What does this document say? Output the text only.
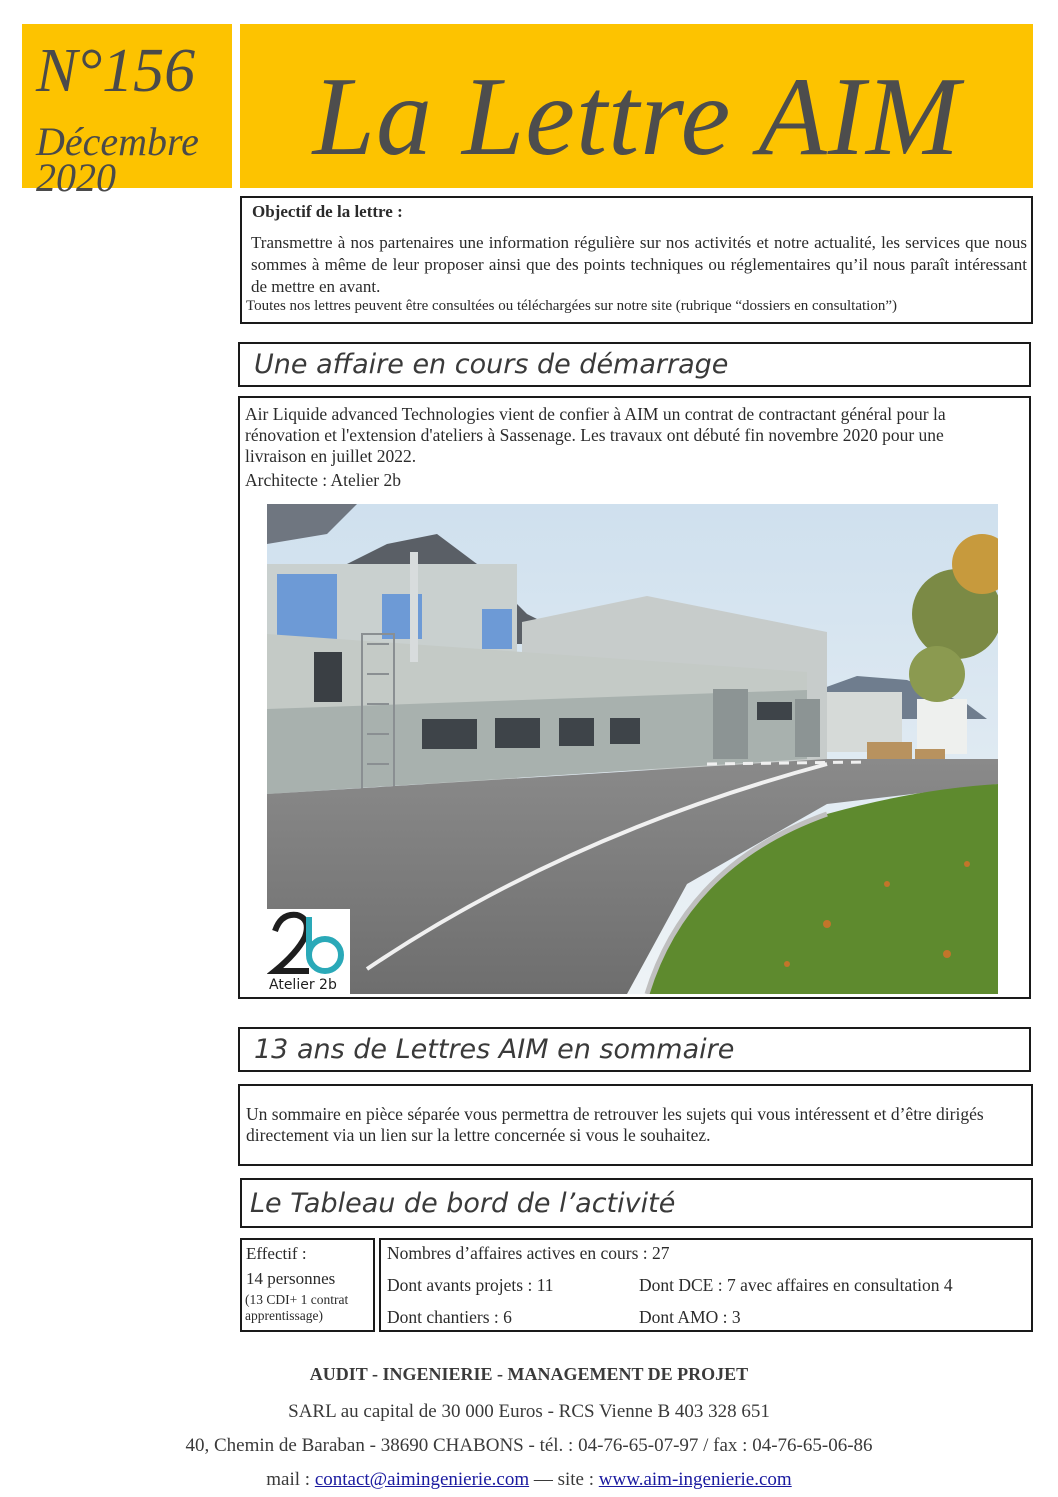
N°156
Décembre
2020	La Lettre AIM
Objectif de la lettre :
Transmettre à nos partenaires une information régulière sur nos activités et notre actualité, les services que nous sommes à même de leur proposer ainsi que des points techniques ou réglementaires qu’il nous paraît intéressant de mettre en avant.
Toutes nos lettres peuvent être consultées ou téléchargées sur notre site (rubrique “dossiers en consultation”)
Une affaire en cours de démarrage
Air Liquide advanced Technologies vient de confier à AIM un contrat de contractant général pour la rénovation et l'extension d'ateliers à Sassenage. Les travaux ont débuté fin novembre 2020 pour une livraison en juillet 2022.
Architecte : Atelier 2b
Atelier 2b
13 ans de Lettres AIM en sommaire
Un sommaire en pièce séparée vous permettra de retrouver les sujets qui vous intéressent et d’être dirigés directement via un lien sur la lettre concernée si vous le souhaitez.
Le Tableau de bord de l’activité
Effectif :
14 personnes
(13 CDI+ 1 contrat
apprentissage)
Nombres d’affaires actives en cours : 27
Dont avants projets : 11	Dont DCE : 7 avec affaires en consultation 4
Dont chantiers : 6	Dont AMO : 3
AUDIT - INGENIERIE - MANAGEMENT DE PROJET
SARL au capital de 30 000 Euros - RCS Vienne B 403 328 651
40, Chemin de Baraban - 38690 CHABONS - tél. : 04-76-65-07-97 / fax : 04-76-65-06-86
mail : contact@aimingenierie.com — site : www.aim-ingenierie.com
